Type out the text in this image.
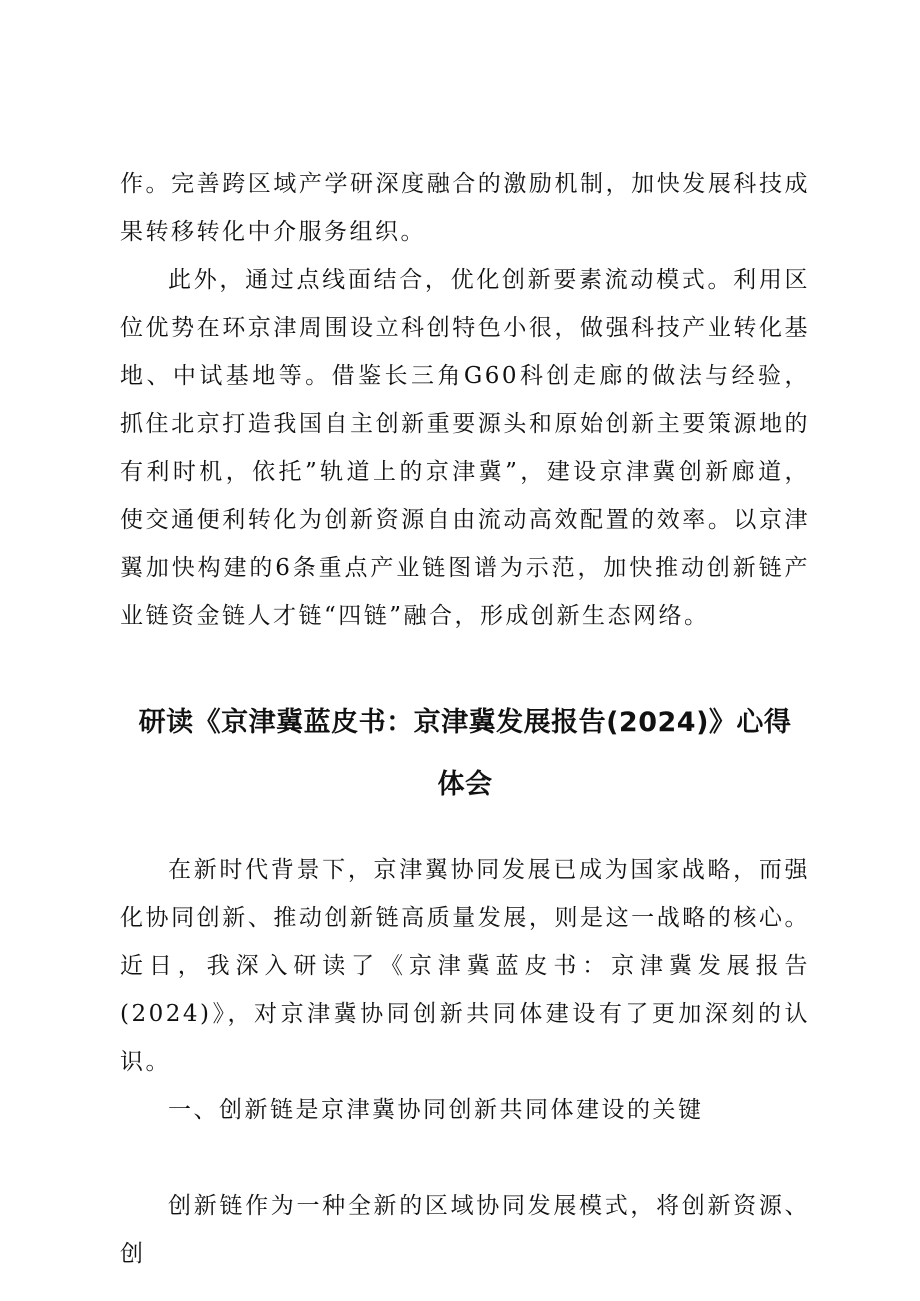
作。完善跨区域产学研深度融合的激励机制，加快发展科技成果转移转化中介服务组织。

此外，通过点线面结合，优化创新要素流动模式。利用区位优势在环京津周围设立科创特色小很，做强科技产业转化基地、中试基地等。借鉴长三角G60科创走廊的做法与经验，抓住北京打造我国自主创新重要源头和原始创新主要策源地的有利时机，依托”轨道上的京津冀”，建设京津冀创新廊道，使交通便利转化为创新资源自由流动高效配置的效率。以京津翼加快构建的6条重点产业链图谱为示范，加快推动创新链产业链资金链人才链“四链”融合，形成创新生态网络。

研读《京津冀蓝皮书：京津冀发展报告(2024)》心得
体会

在新时代背景下，京津翼协同发展已成为国家战略，而强化协同创新、推动创新链高质量发展，则是这一战略的核心。近日，我深入研读了《京津冀蓝皮书：京津冀发展报告(2024)》，对京津冀协同创新共同体建设有了更加深刻的认识。

一、创新链是京津冀协同创新共同体建设的关键

创新链作为一种全新的区域协同发展模式，将创新资源、创
